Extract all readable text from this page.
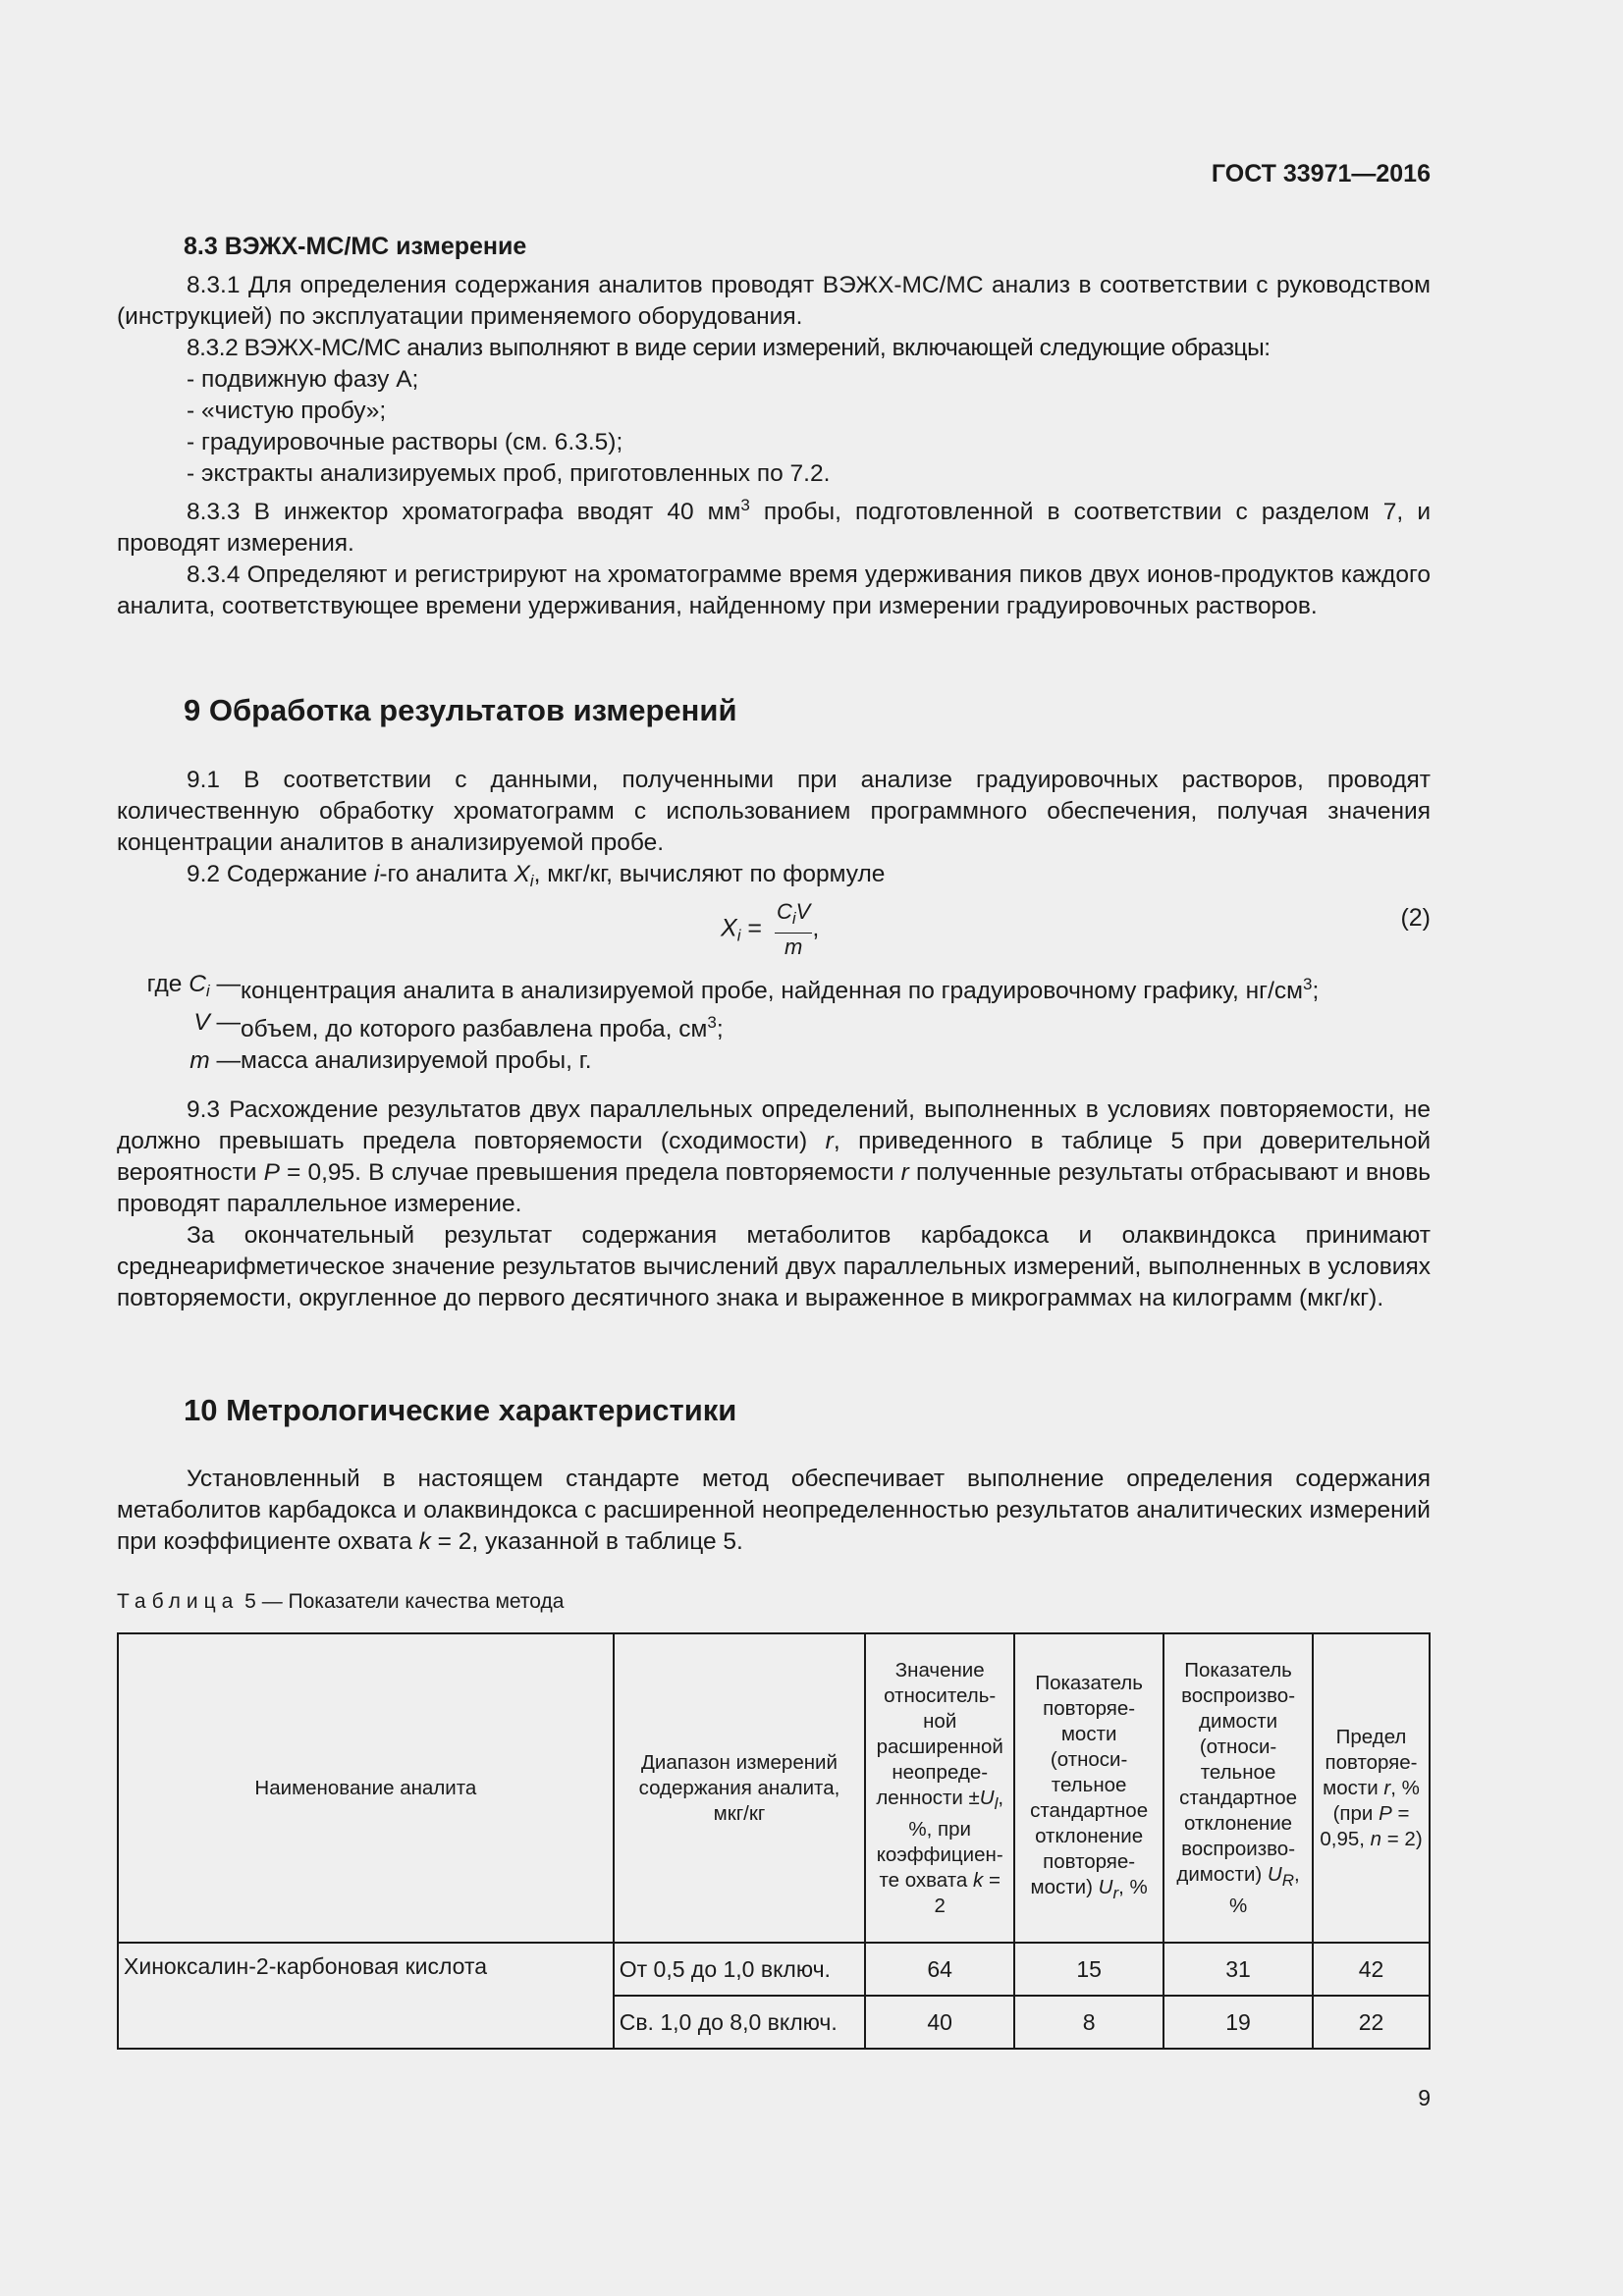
ГОСТ 33971—2016
8.3 ВЭЖХ-МС/МС измерение

8.3.1 Для определения содержания аналитов проводят ВЭЖХ-МС/МС анализ в соответствии с руководством (инструкцией) по эксплуатации применяемого оборудования.

8.3.2 ВЭЖХ-МС/МС анализ выполняют в виде серии измерений, включающей следующие образцы:

- подвижную фазу А;

- «чистую пробу»;

- градуировочные растворы (см. 6.3.5);

- экстракты анализируемых проб, приготовленных по 7.2.

8.3.3 В инжектор хроматографа вводят 40 $мм^3$ пробы, подготовленной в соответствии с разделом 7, и проводят измерения.

8.3.4 Определяют и регистрируют на хроматограмме время удерживания пиков двух ионов-продуктов каждого аналита, соответствующее времени удерживания, найденному при измерении градуировочных растворов.

9 Обработка результатов измерений

9.1 В соответствии с данными, полученными при анализе градуировочных растворов, проводят количественную обработку хроматограмм с использованием программного обеспечения, получая значения концентрации аналитов в анализируемой пробе.

9.2 Содержание i-го аналита $X_i$, мкг/кг, вычисляют по формуле

$X_i = \frac{C_iV}{m}$ ,	(2)
где $C_i$ — концентрация аналита в анализируемой пробе, найденная по градуировочному графику, $нг/см^3$;
V — объем, до которого разбавлена проба, $см^3$;
m — масса анализируемой пробы, г.

9.3 Расхождение результатов двух параллельных определений, выполненных в условиях повторяемости, не должно превышать предела повторяемости (сходимости) r, приведенного в таблице 5 при доверительной вероятности P = 0,95. В случае превышения предела повторяемости r полученные результаты отбрасывают и вновь проводят параллельное измерение.

За окончательный результат содержания метаболитов карбадокса и олаквиндокса принимают среднеарифметическое значение результатов вычислений двух параллельных измерений, выполненных в условиях повторяемости, округленное до первого десятичного знака и выраженное в микрограммах на килограмм (мкг/кг).

10 Метрологические характеристики

Установленный в настоящем стандарте метод обеспечивает выполнение определения содержания метаболитов карбадокса и олаквиндокса с расширенной неопределенностью результатов аналитических измерений при коэффициенте охвата k = 2, указанной в таблице 5.

Таблица 5 — Показатели качества метода
Наименование аналита	Диапазон измерений содержания аналита, мкг/кг	Значение относитель-ной расширенной неопреде-ленности $\pm U_l$, %, при коэффициен-те охвата k = 2	Показатель повторяе-мости (относи-тельное стандартное отклонение повторяе-мости) $U_r$, %	Показатель воспроизво-димости (относи-тельное стандартное отклонение воспроизво-димости) $U_R$, %	Предел повторяе-мости r, % (при P = 0,95, n = 2)
Хиноксалин-2-карбоновая кислота	От 0,5 до 1,0 включ.	64	15	31	42
	Св. 1,0 до 8,0 включ.	40	8	19	22
9
